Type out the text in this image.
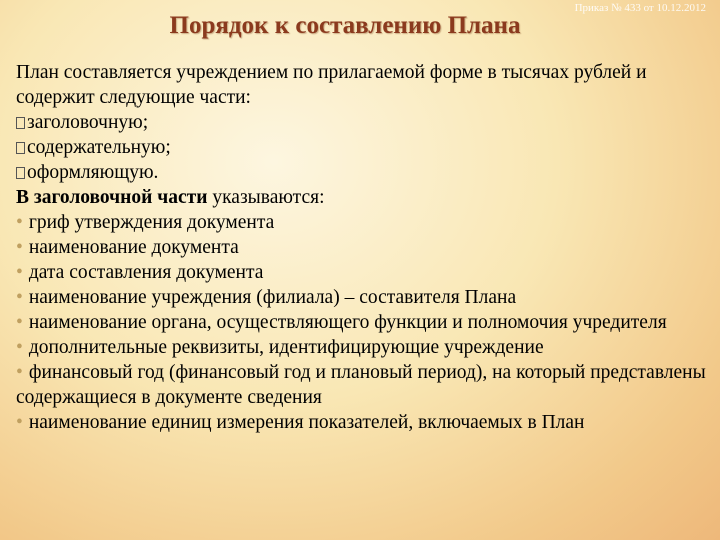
Приказ № 433 от 10.12.2012
Порядок к составлению Плана

План составляется учреждением по прилагаемой форме в тысячах рублей и содержит следующие части:

заголовочную;
содержательную;
оформляющую.

В заголовочной части указываются:

• гриф утверждения документа

• наименование документа

• дата составления документа

• наименование учреждения (филиала) – составителя Плана

• наименование органа, осуществляющего функции и полномочия учредителя

• дополнительные реквизиты, идентифицирующие учреждение

• финансовый год (финансовый год и плановый период), на который представлены содержащиеся в документе сведения

• наименование единиц измерения показателей, включаемых в План
